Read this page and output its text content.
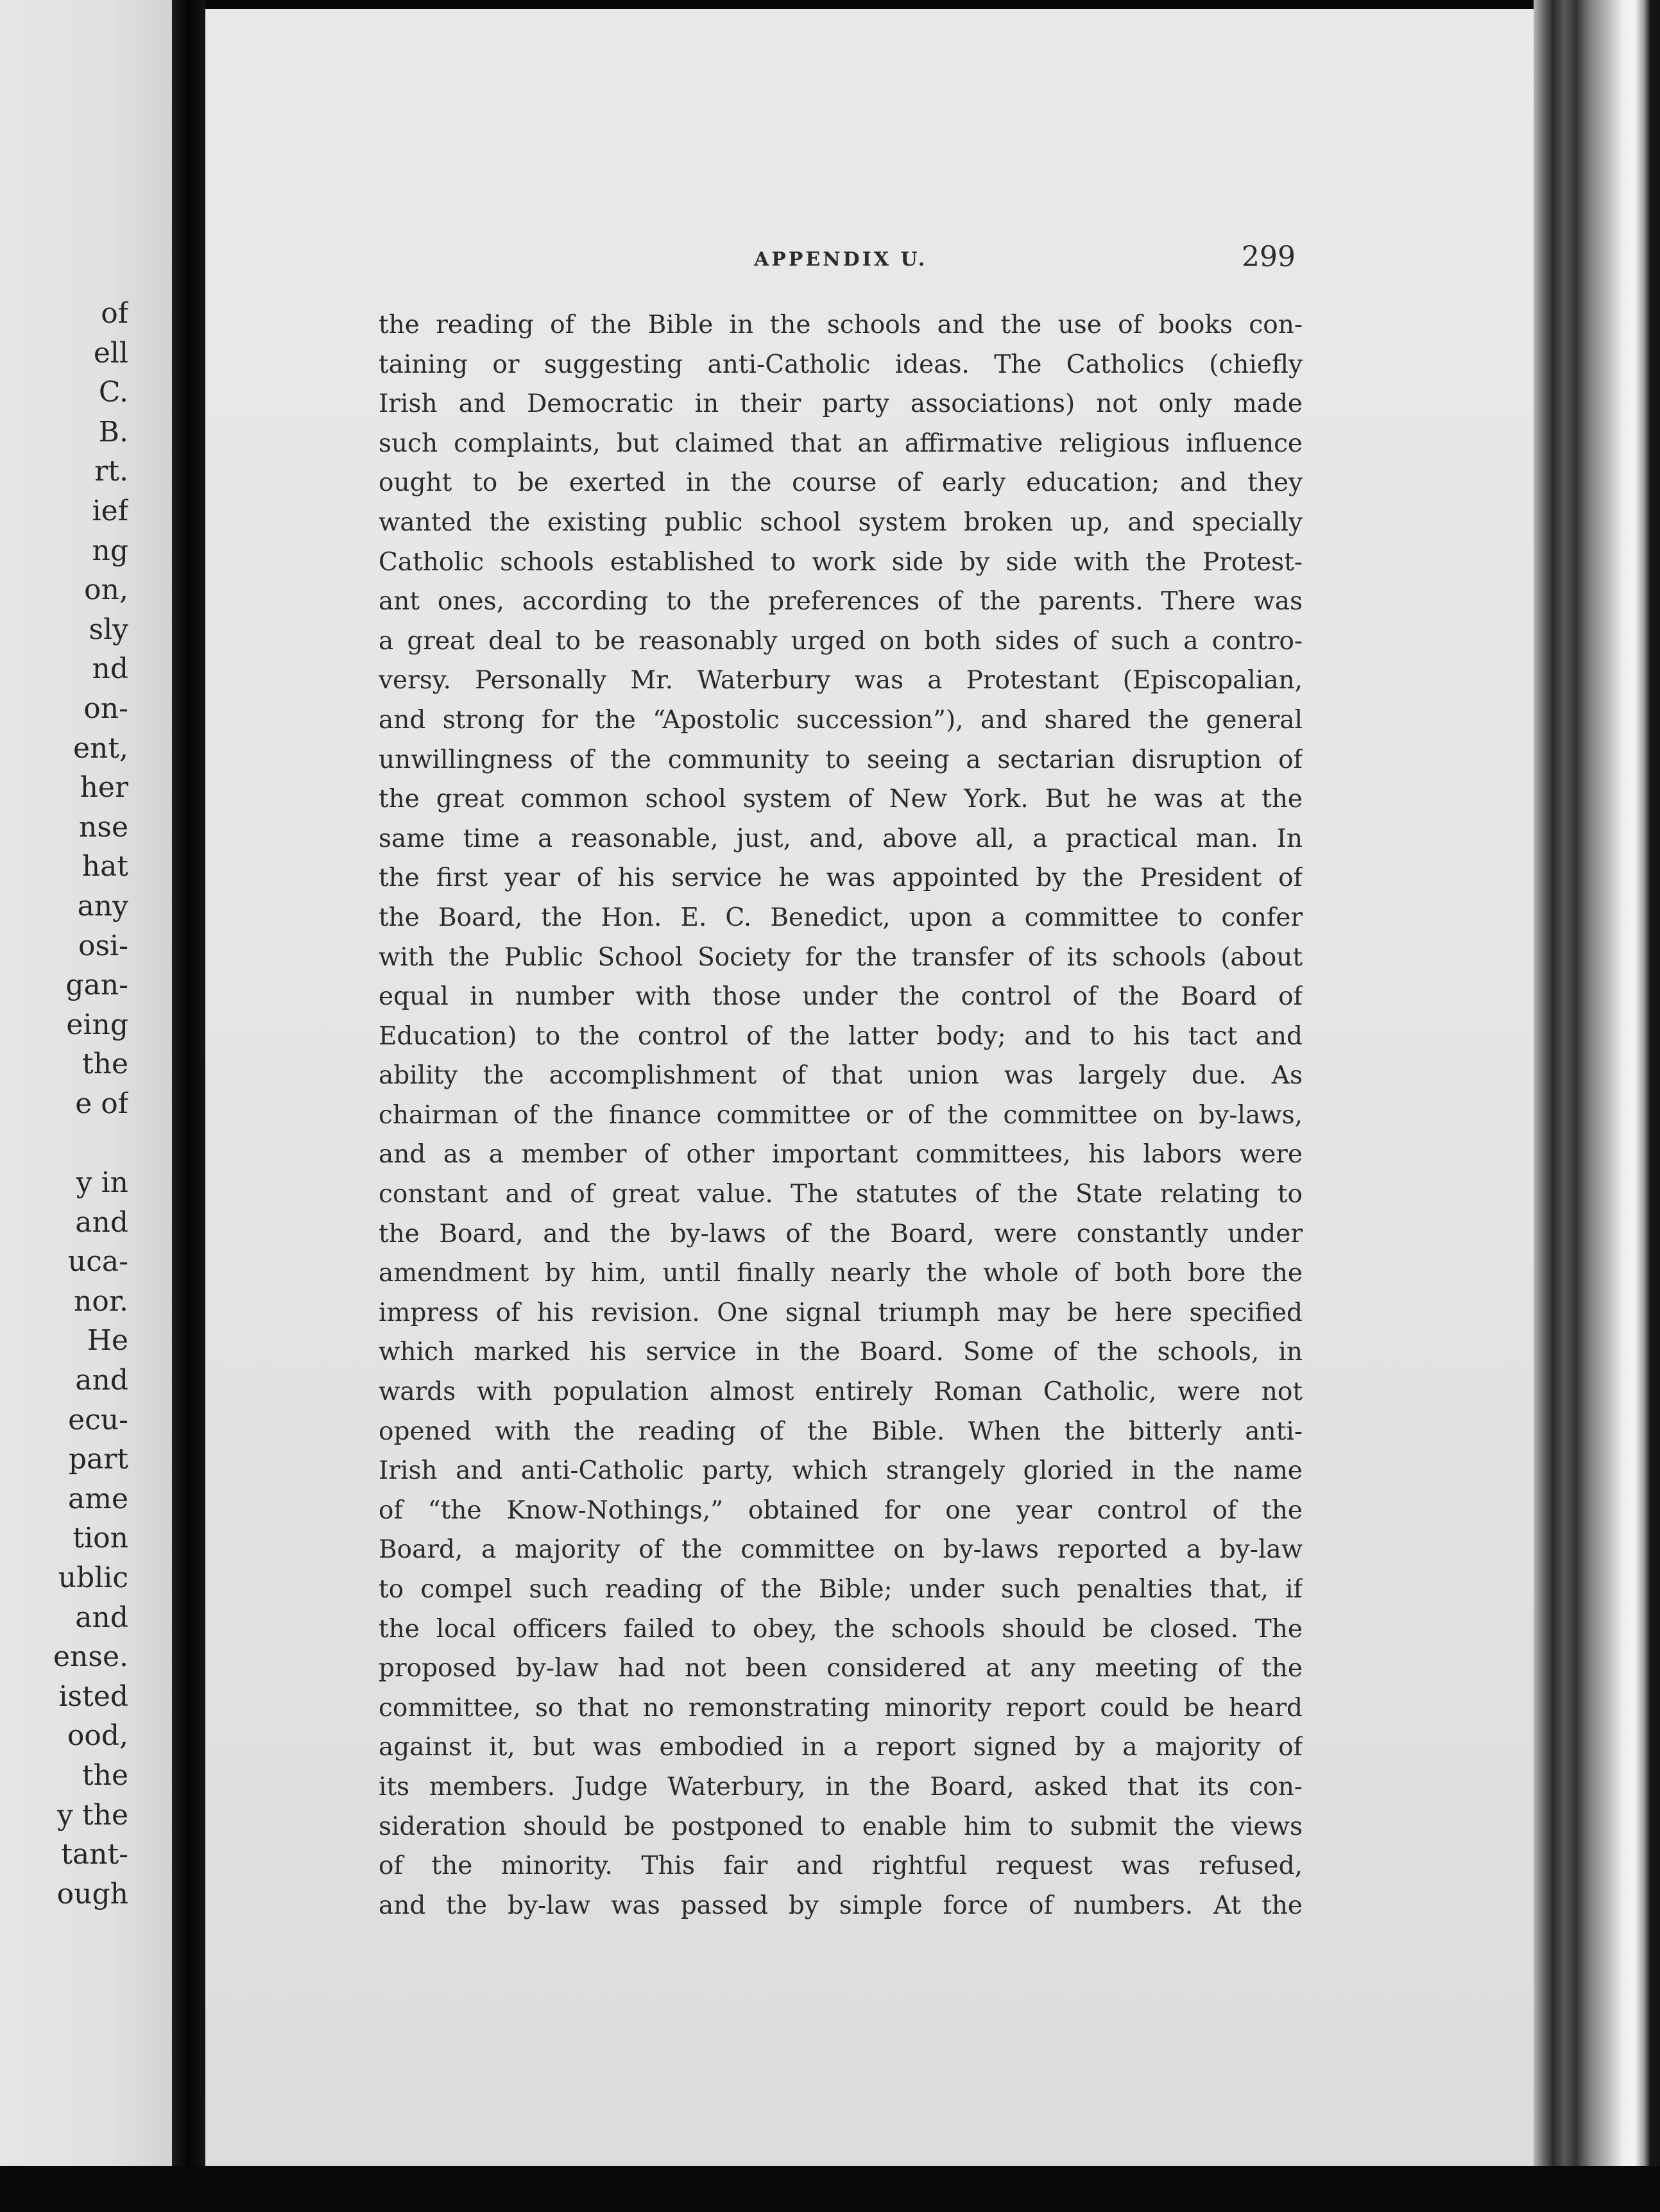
of
ell
C.
B.
rt.
ief
ng
on,
sly
nd
on-
ent,
her
nse
hat
any
osi-
gan-
eing
the
e of
y in
and
uca-
nor.
He
and
ecu-
part
ame
tion
ublic
and
ense.
isted
ood,
the
y the
tant-
ough
APPENDIX U.	299
the reading of the Bible in the schools and the use of books con-
taining or suggesting anti-Catholic ideas. The Catholics (chiefly
Irish and Democratic in their party associations) not only made
such complaints, but claimed that an affirmative religious influence
ought to be exerted in the course of early education; and they
wanted the existing public school system broken up, and specially
Catholic schools established to work side by side with the Protest-
ant ones, according to the preferences of the parents. There was
a great deal to be reasonably urged on both sides of such a contro-
versy. Personally Mr. Waterbury was a Protestant (Episcopalian,
and strong for the “Apostolic succession”), and shared the general
unwillingness of the community to seeing a sectarian disruption of
the great common school system of New York. But he was at the
same time a reasonable, just, and, above all, a practical man. In
the first year of his service he was appointed by the President of
the Board, the Hon. E. C. Benedict, upon a committee to confer
with the Public School Society for the transfer of its schools (about
equal in number with those under the control of the Board of
Education) to the control of the latter body; and to his tact and
ability the accomplishment of that union was largely due. As
chairman of the finance committee or of the committee on by-laws,
and as a member of other important committees, his labors were
constant and of great value. The statutes of the State relating to
the Board, and the by-laws of the Board, were constantly under
amendment by him, until finally nearly the whole of both bore the
impress of his revision. One signal triumph may be here specified
which marked his service in the Board. Some of the schools, in
wards with population almost entirely Roman Catholic, were not
opened with the reading of the Bible. When the bitterly anti-
Irish and anti-Catholic party, which strangely gloried in the name
of “the Know-Nothings,” obtained for one year control of the
Board, a majority of the committee on by-laws reported a by-law
to compel such reading of the Bible; under such penalties that, if
the local officers failed to obey, the schools should be closed. The
proposed by-law had not been considered at any meeting of the
committee, so that no remonstrating minority report could be heard
against it, but was embodied in a report signed by a majority of
its members. Judge Waterbury, in the Board, asked that its con-
sideration should be postponed to enable him to submit the views
of the minority. This fair and rightful request was refused,
and the by-law was passed by simple force of numbers. At the
